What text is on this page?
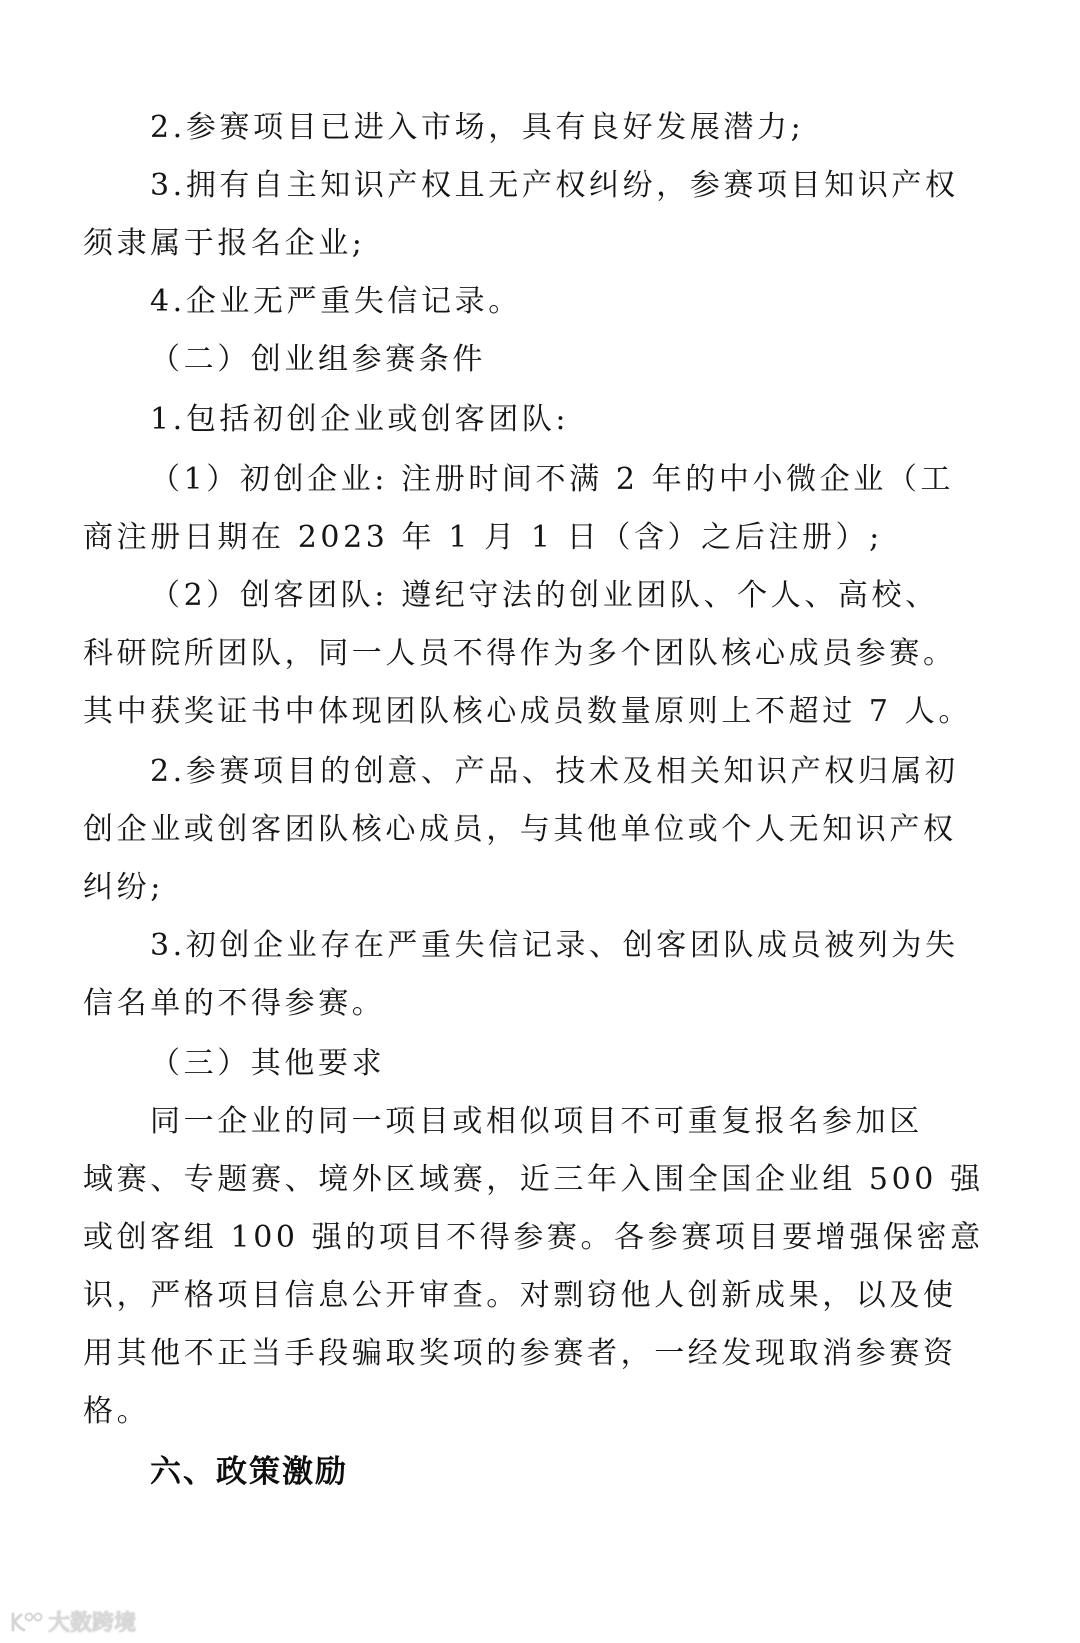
2.参赛项目已进入市场，具有良好发展潜力;
3.拥有自主知识产权且无产权纠纷，参赛项目知识产权
须隶属于报名企业;
4.企业无严重失信记录。
（二）创业组参赛条件
1.包括初创企业或创客团队:
（1）初创企业: 注册时间不满 2 年的中小微企业（工
商注册日期在 2023 年 1 月 1 日（含）之后注册）;
（2）创客团队: 遵纪守法的创业团队、个人、高校、
科研院所团队，同一人员不得作为多个团队核心成员参赛。
其中获奖证书中体现团队核心成员数量原则上不超过 7 人。
2.参赛项目的创意、产品、技术及相关知识产权归属初
创企业或创客团队核心成员，与其他单位或个人无知识产权
纠纷;
3.初创企业存在严重失信记录、创客团队成员被列为失
信名单的不得参赛。
（三）其他要求
同一企业的同一项目或相似项目不可重复报名参加区
域赛、专题赛、境外区域赛，近三年入围全国企业组 500 强
或创客组 100 强的项目不得参赛。各参赛项目要增强保密意
识，严格项目信息公开审查。对剽窃他人创新成果，以及使
用其他不正当手段骗取奖项的参赛者，一经发现取消参赛资
格。
六、政策激励
大数跨境
